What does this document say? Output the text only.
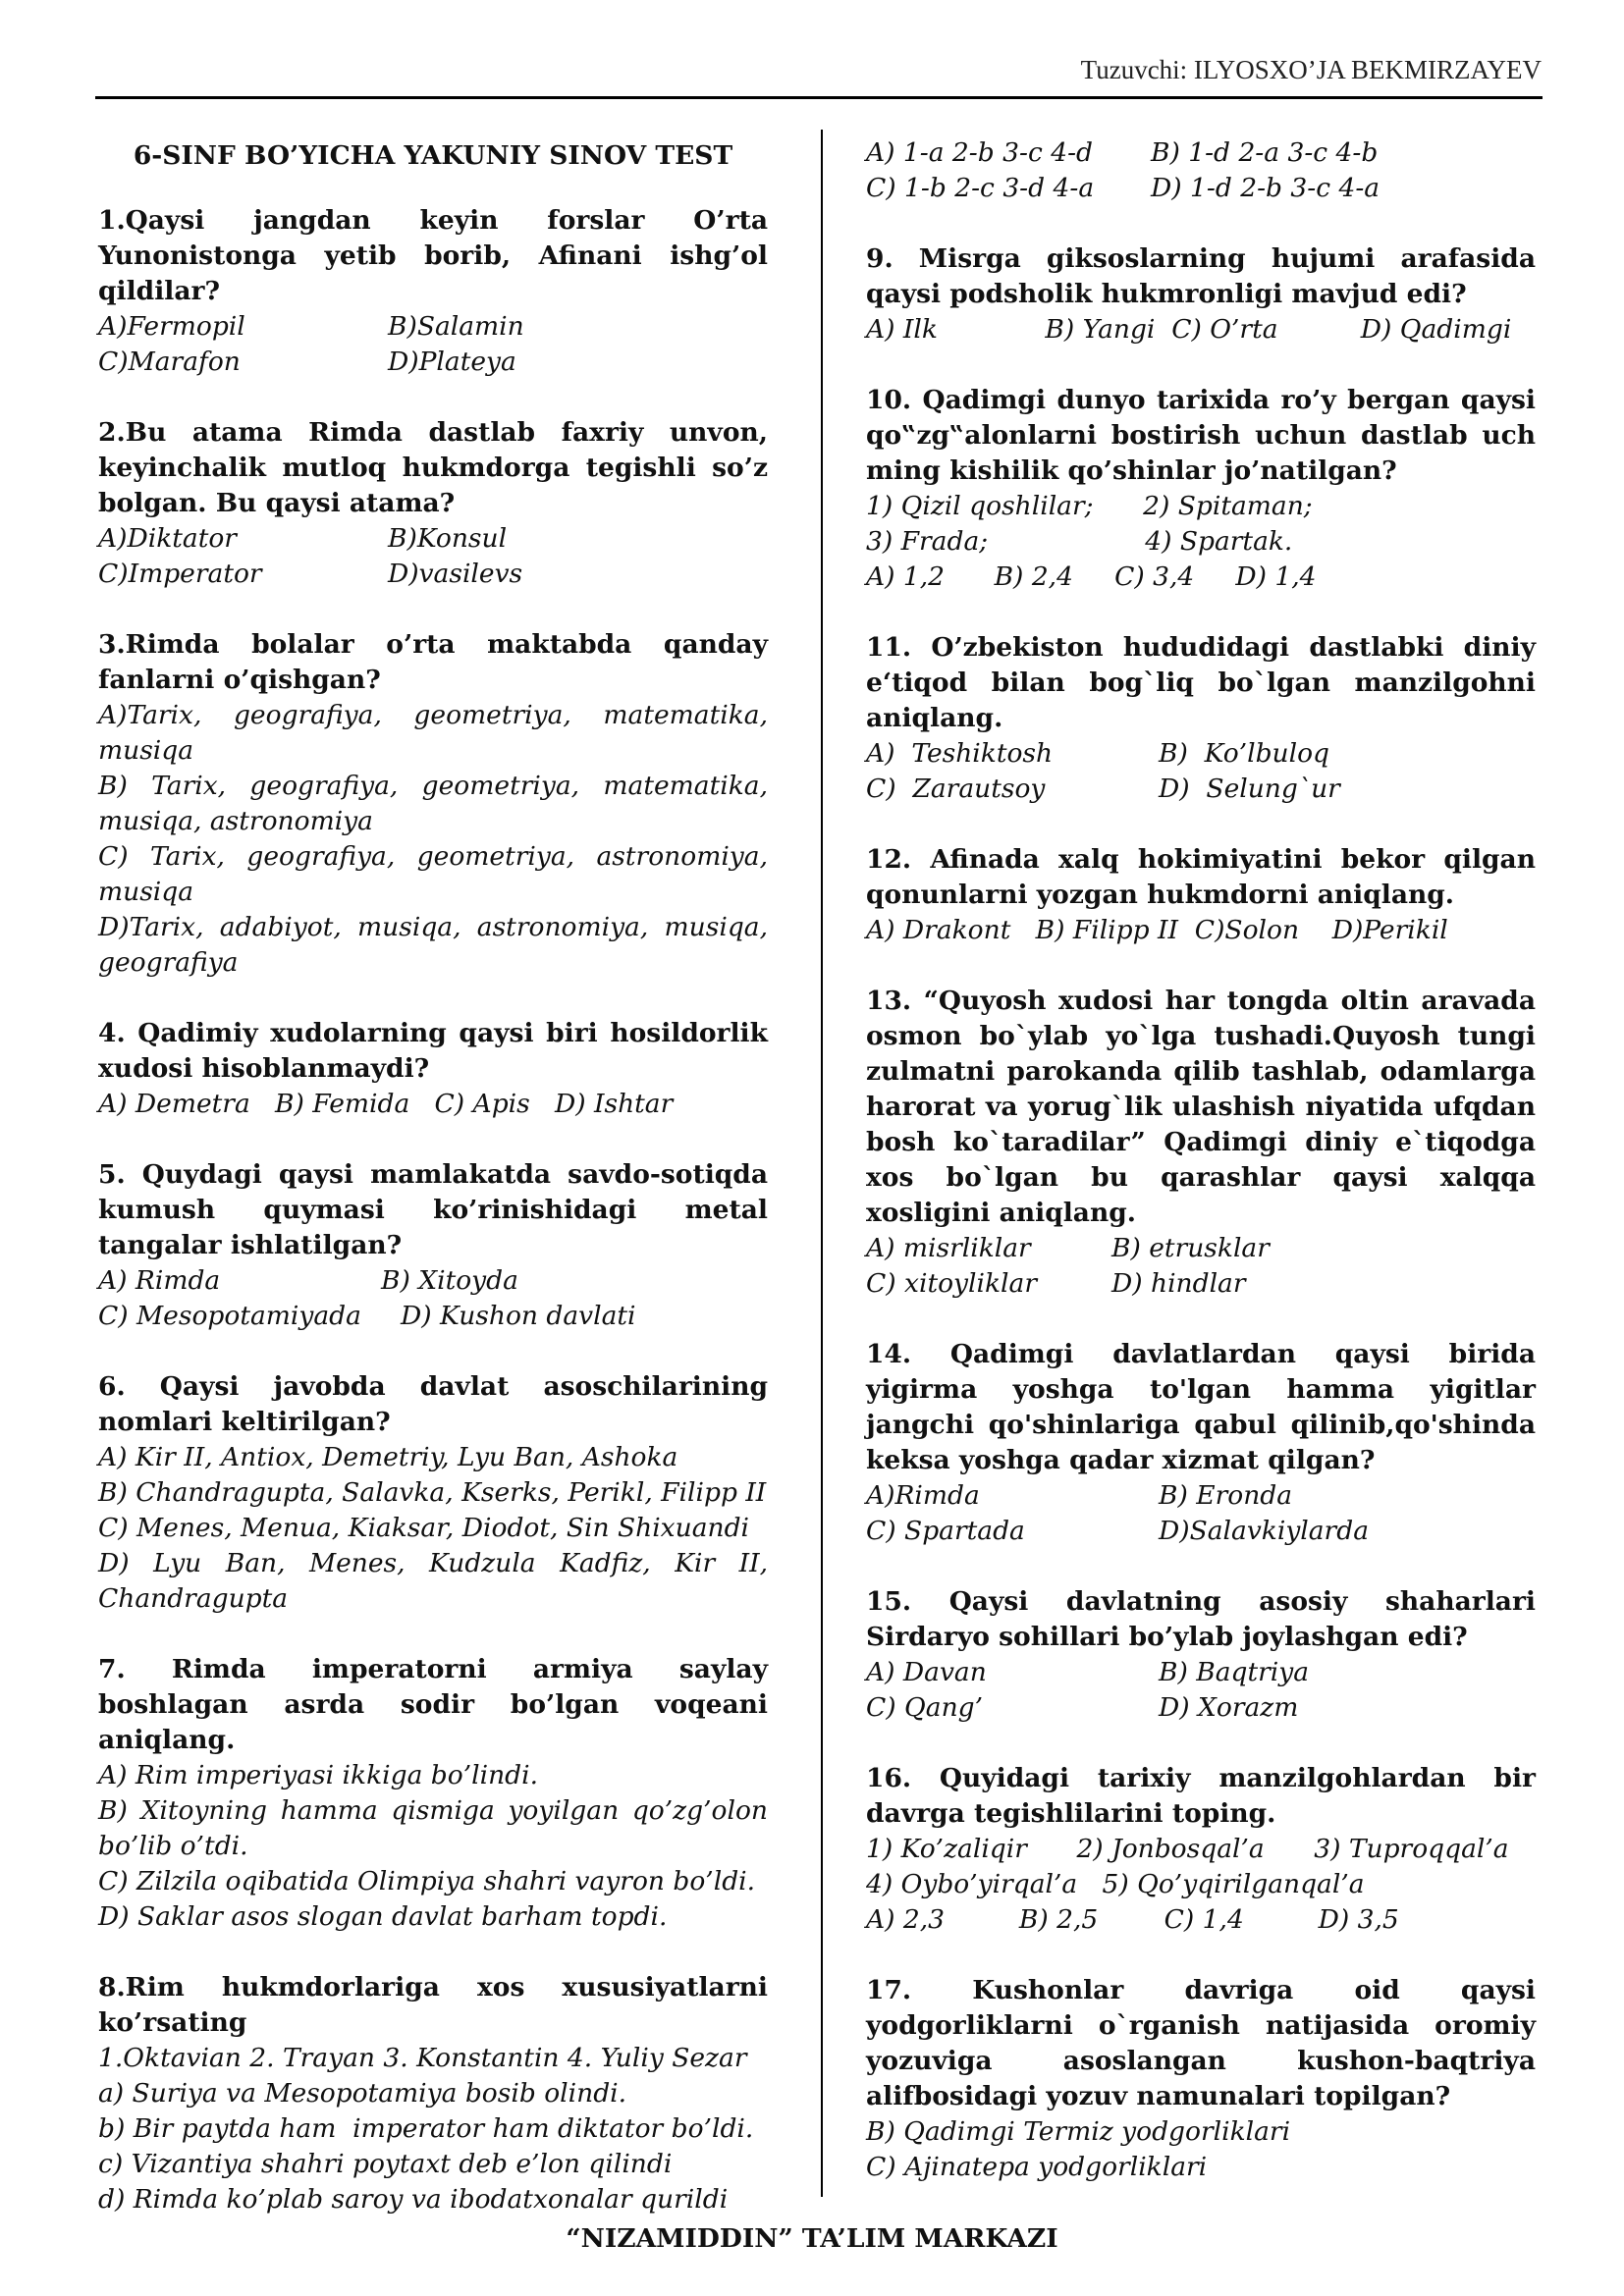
Tuzuvchi: ILYOSXO’JA BEKMIRZAYEV
6-SINF BO’YICHA YAKUNIY SINOV TEST
1.Qaysi jangdan keyin forslar O’rta Yunonistonga yetib borib, Afinani ishg’ol qildilar?
A)Fermopil	B)Salamin
C)Marafon	D)Plateya
2.Bu atama Rimda dastlab faxriy unvon, keyinchalik mutloq hukmdorga tegishli so’z bolgan. Bu qaysi atama?
A)Diktator	B)Konsul
C)Imperator	D)vasilevs
3.Rimda bolalar o’rta maktabda qanday fanlarni o’qishgan?
A)Tarix, geografiya, geometriya, matematika, musiqa
B) Tarix, geografiya, geometriya, matematika, musiqa, astronomiya
C) Tarix, geografiya, geometriya, astronomiya, musiqa
D)Tarix, adabiyot, musiqa, astronomiya, musiqa, geografiya
4. Qadimiy xudolarning qaysi biri hosildorlik xudosi hisoblanmaydi?
A) Demetra   B) Femida   C) Apis   D) Ishtar
5. Quydagi qaysi mamlakatda savdo-sotiqda kumush quymasi ko’rinishidagi metal tangalar ishlatilgan?
A) Rimda	B) Xitoyda
C) Mesopotamiyada	D) Kushon davlati
6. Qaysi javobda davlat asoschilarining nomlari keltirilgan?
A) Kir II, Antiox, Demetriy, Lyu Ban, Ashoka
B) Chandragupta, Salavka, Kserks, Perikl, Filipp II
C) Menes, Menua, Kiaksar, Diodot, Sin Shixuandi
D) Lyu Ban, Menes, Kudzula Kadfiz, Kir II, Chandragupta
7. Rimda imperatorni armiya saylay boshlagan asrda sodir bo’lgan voqeani aniqlang.
A) Rim imperiyasi ikkiga bo’lindi.
B) Xitoyning hamma qismiga yoyilgan qo’zg’olon bo’lib o’tdi.
C) Zilzila oqibatida Olimpiya shahri vayron bo’ldi.
D) Saklar asos slogan davlat barham topdi.
8.Rim hukmdorlariga xos xususiyatlarni ko’rsating
1.Oktavian 2. Trayan 3. Konstantin 4. Yuliy Sezar
a) Suriya va Mesopotamiya bosib olindi.
b) Bir paytda ham  imperator ham diktator bo’ldi.
c) Vizantiya shahri poytaxt deb e’lon qilindi
d) Rimda ko’plab saroy va ibodatxonalar qurildi
A) 1-a 2-b 3-c 4-d	B) 1-d 2-a 3-c 4-b
C) 1-b 2-c 3-d 4-a	D) 1-d 2-b 3-c 4-a
9. Misrga giksoslarning hujumi arafasida qaysi podsholik hukmronligi mavjud edi?
A) Ilk             B) Yangi  C) O’rta          D) Qadimgi
10. Qadimgi dunyo tarixida ro’y bergan qaysi qo‟zg‟alonlarni bostirish uchun dastlab uch ming kishilik qo’shinlar jo’natilgan?
1) Qizil qoshlilar;      2) Spitaman;
3) Frada;                   4) Spartak.
A) 1,2      B) 2,4     C) 3,4     D) 1,4
11. O’zbekiston hududidagi dastlabki diniy e‘tiqod bilan bog`liq bo`lgan manzilgohni aniqlang.
A)  Teshiktosh	B)  Ko’lbuloq
C)  Zarautsoy	D)  Selung`ur
12. Afinada xalq hokimiyatini bekor qilgan qonunlarni yozgan hukmdorni aniqlang.
A) Drakont   B) Filipp II  C)Solon    D)Perikil
13. “Quyosh xudosi har tongda oltin aravada osmon bo`ylab yo`lga tushadi.Quyosh tungi zulmatni parokanda qilib tashlab, odamlarga harorat va yorug`lik ulashish niyatida ufqdan bosh ko`taradilar” Qadimgi diniy e`tiqodga xos bo`lgan bu qarashlar qaysi xalqqa xosligini aniqlang.
A) misrliklar	B) etrusklar
C) xitoyliklar	D) hindlar
14. Qadimgi davlatlardan qaysi birida yigirma yoshga to'lgan hamma yigitlar jangchi qo'shinlariga qabul qilinib,qo'shinda keksa yoshga qadar xizmat qilgan?
A)Rimda	B) Eronda
C) Spartada	D)Salavkiylarda
15. Qaysi davlatning asosiy shaharlari Sirdaryo sohillari bo’ylab joylashgan edi?
A) Davan	B) Baqtriya
C) Qang’	D) Xorazm
16. Quyidagi tarixiy manzilgohlardan bir davrga tegishlilarini toping.
1) Ko’zaliqir      2) Jonbosqal’a      3) Tuproqqal’a
4) Oybo’yirqal’a   5) Qo’yqirilganqal’a
A) 2,3         B) 2,5        C) 1,4         D) 3,5
17. Kushonlar davriga oid qaysi yodgorliklarni o`rganish natijasida oromiy yozuviga asoslangan kushon-baqtriya alifbosidagi yozuv namunalari topilgan?
B) Qadimgi Termiz yodgorliklari
C) Ajinatepa yodgorliklari
“NIZAMIDDIN” TA’LIM MARKAZI
